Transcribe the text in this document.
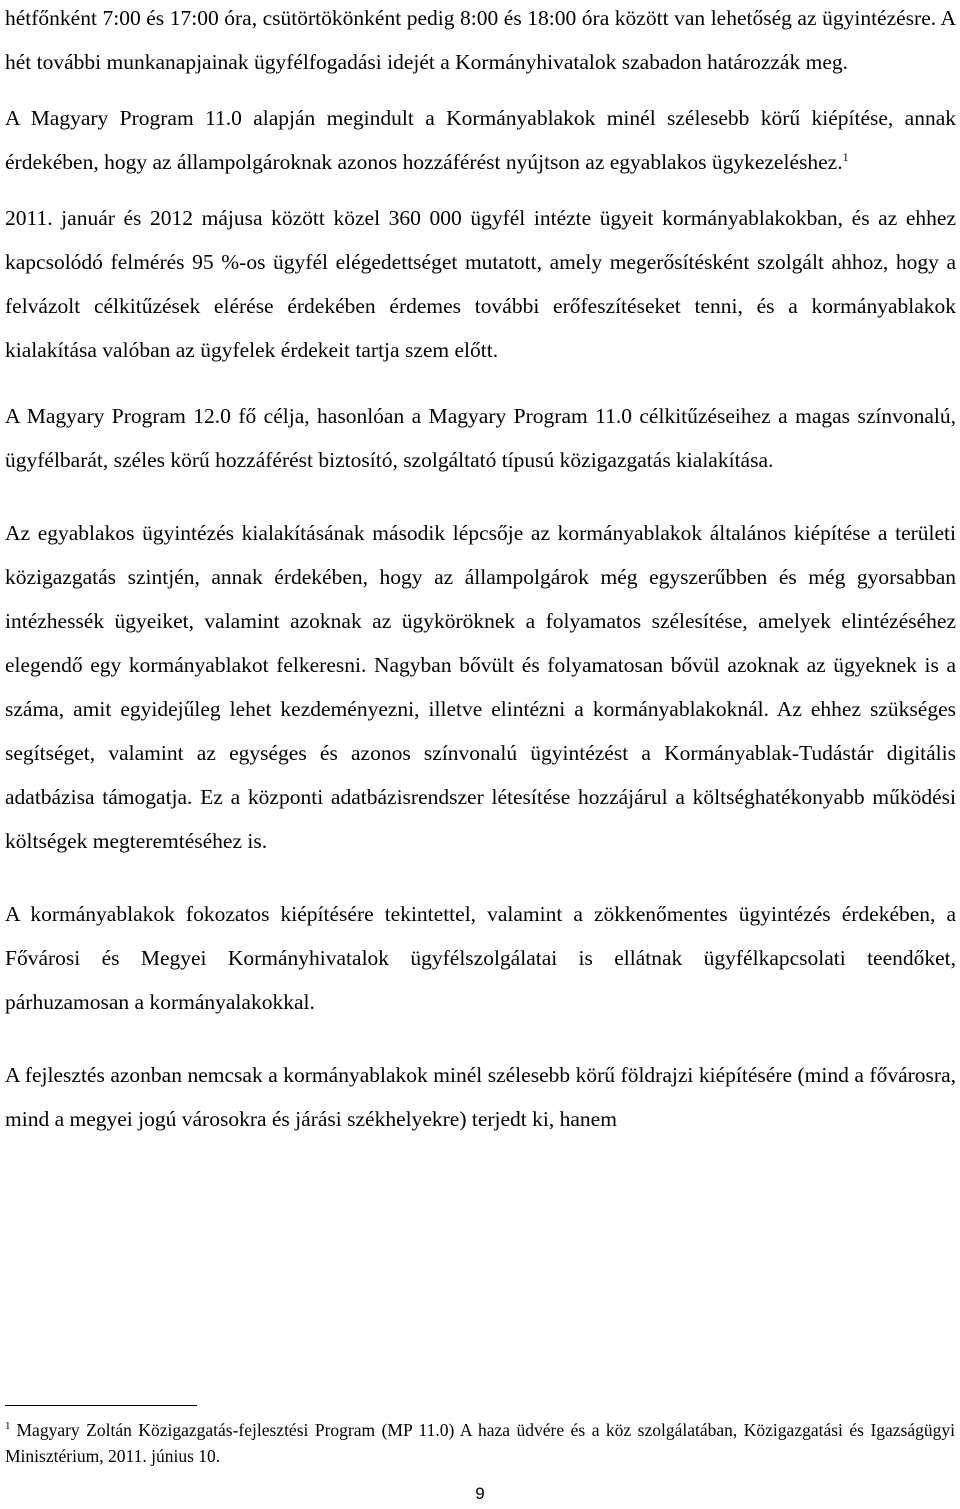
hétfőnként 7:00 és 17:00 óra, csütörtökönként pedig 8:00 és 18:00 óra között van lehetőség az ügyintézésre. A hét további munkanapjainak ügyfélfogadási idejét a Kormányhivatalok szabadon határozzák meg.

A Magyary Program 11.0 alapján megindult a Kormányablakok minél szélesebb körű kiépítése, annak érdekében, hogy az állampolgároknak azonos hozzáférést nyújtson az egyablakos ügykezeléshez.$^1$

2011. január és 2012 májusa között közel 360 000 ügyfél intézte ügyeit kormányablakokban, és az ehhez kapcsolódó felmérés 95 %-os ügyfél elégedettséget mutatott, amely megerősítésként szolgált ahhoz, hogy a felvázolt célkitűzések elérése érdekében érdemes további erőfeszítéseket tenni, és a kormányablakok kialakítása valóban az ügyfelek érdekeit tartja szem előtt.

A Magyary Program 12.0 fő célja, hasonlóan a Magyary Program 11.0 célkitűzéseihez a magas színvonalú, ügyfélbarát, széles körű hozzáférést biztosító, szolgáltató típusú közigazgatás kialakítása.

Az egyablakos ügyintézés kialakításának második lépcsője az kormányablakok általános kiépítése a területi közigazgatás szintjén, annak érdekében, hogy az állampolgárok még egyszerűbben és még gyorsabban intézhessék ügyeiket, valamint azoknak az ügyköröknek a folyamatos szélesítése, amelyek elintézéséhez elegendő egy kormányablakot felkeresni. Nagyban bővült és folyamatosan bővül azoknak az ügyeknek is a száma, amit egyidejűleg lehet kezdeményezni, illetve elintézni a kormányablakoknál. Az ehhez szükséges segítséget, valamint az egységes és azonos színvonalú ügyintézést a Kormányablak-Tudástár digitális adatbázisa támogatja. Ez a központi adatbázisrendszer létesítése hozzájárul a költséghatékonyabb működési költségek megteremtéséhez is.

A kormányablakok fokozatos kiépítésére tekintettel, valamint a zökkenőmentes ügyintézés érdekében, a Fővárosi és Megyei Kormányhivatalok ügyfélszolgálatai is ellátnak ügyfélkapcsolati teendőket, párhuzamosan a kormányalakokkal.

A fejlesztés azonban nemcsak a kormányablakok minél szélesebb körű földrajzi kiépítésére (mind a fővárosra, mind a megyei jogú városokra és járási székhelyekre) terjedt ki, hanem

$^1$ Magyary Zoltán Közigazgatás-fejlesztési Program (MP 11.0) A haza üdvére és a köz szolgálatában, Közigazgatási és Igazságügyi Minisztérium, 2011. június 10.
9
